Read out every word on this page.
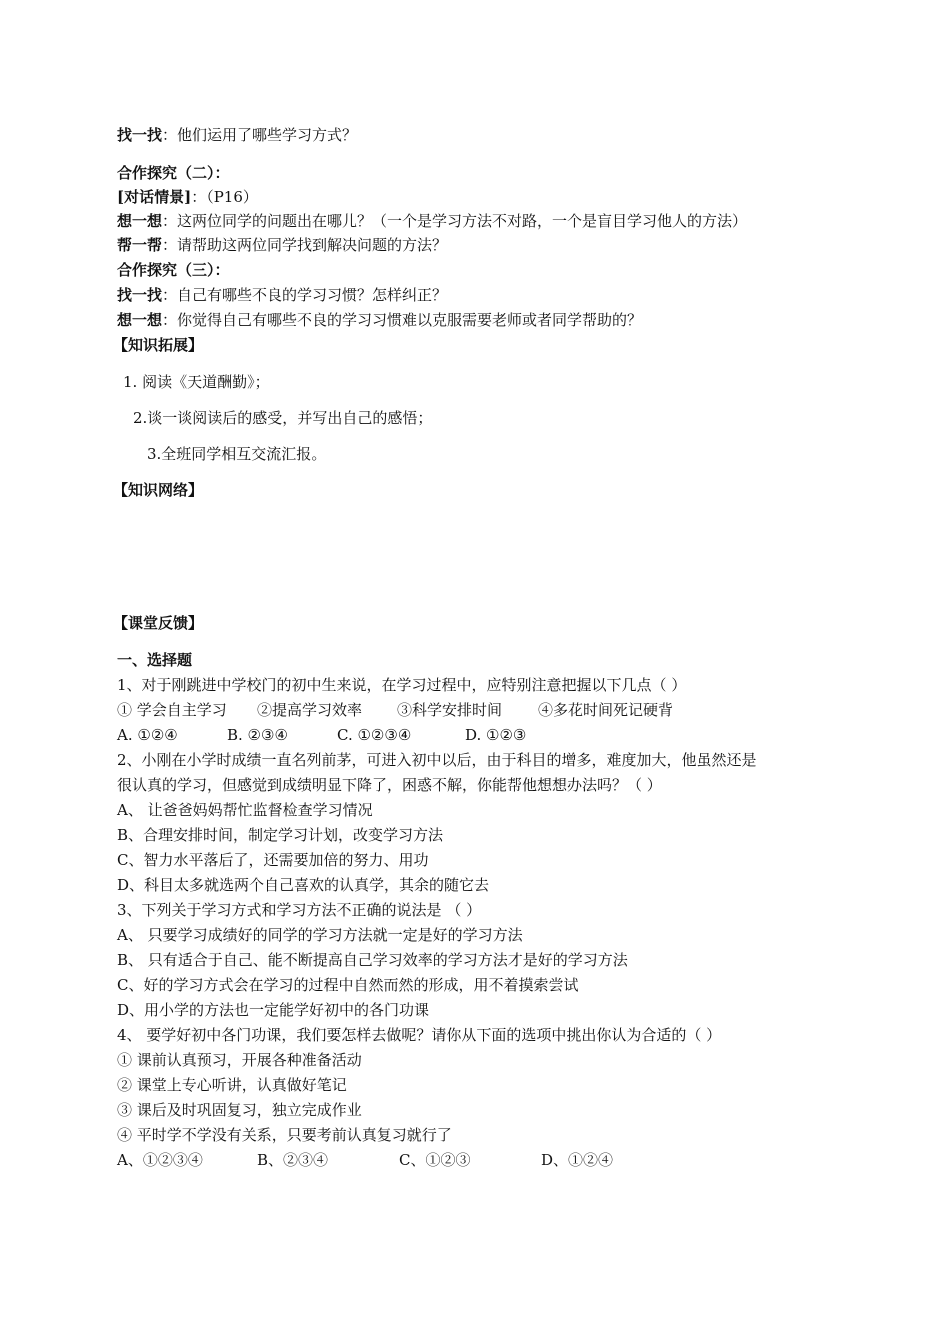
找一找：他们运用了哪些学习方式？
合作探究（二）：
[对话情景]：（P16）
想一想：这两位同学的问题出在哪儿？（一个是学习方法不对路，一个是盲目学习他人的方法）
帮一帮：请帮助这两位同学找到解决问题的方法？
合作探究（三）：
找一找：自己有哪些不良的学习习惯？怎样纠正？
想一想：你觉得自己有哪些不良的学习习惯难以克服需要老师或者同学帮助的？
【知识拓展】
1. 阅读《天道酬勤》；
2.谈一谈阅读后的感受，并写出自己的感悟；
3.全班同学相互交流汇报。
【知识网络】
【课堂反馈】
一、选择题
1、对于刚跳进中学校门的初中生来说，在学习过程中，应特别注意把握以下几点（ ）
① 学会自主学习 ②提高学习效率 ③科学安排时间 ④多花时间死记硬背
A. ①②④	B. ②③④	C. ①②③④	D. ①②③
2、小刚在小学时成绩一直名列前茅，可进入初中以后，由于科目的增多，难度加大，他虽然还是
很认真的学习，但感觉到成绩明显下降了，困惑不解，你能帮他想想办法吗？（ ）
A、 让爸爸妈妈帮忙监督检查学习情况
B、合理安排时间，制定学习计划，改变学习方法
C、智力水平落后了，还需要加倍的努力、用功
D、科目太多就选两个自己喜欢的认真学，其余的随它去
3、下列关于学习方式和学习方法不正确的说法是 （ ）
A、 只要学习成绩好的同学的学习方法就一定是好的学习方法
B、 只有适合于自己、能不断提高自己学习效率的学习方法才是好的学习方法
C、好的学习方式会在学习的过程中自然而然的形成，用不着摸索尝试
D、用小学的方法也一定能学好初中的各门功课
4、 要学好初中各门功课，我们要怎样去做呢？请你从下面的选项中挑出你认为合适的（ ）
① 课前认真预习，开展各种准备活动
② 课堂上专心听讲，认真做好笔记
③ 课后及时巩固复习，独立完成作业
④ 平时学不学没有关系，只要考前认真复习就行了
A、①②③④	B、②③④	C、①②③	D、①②④
